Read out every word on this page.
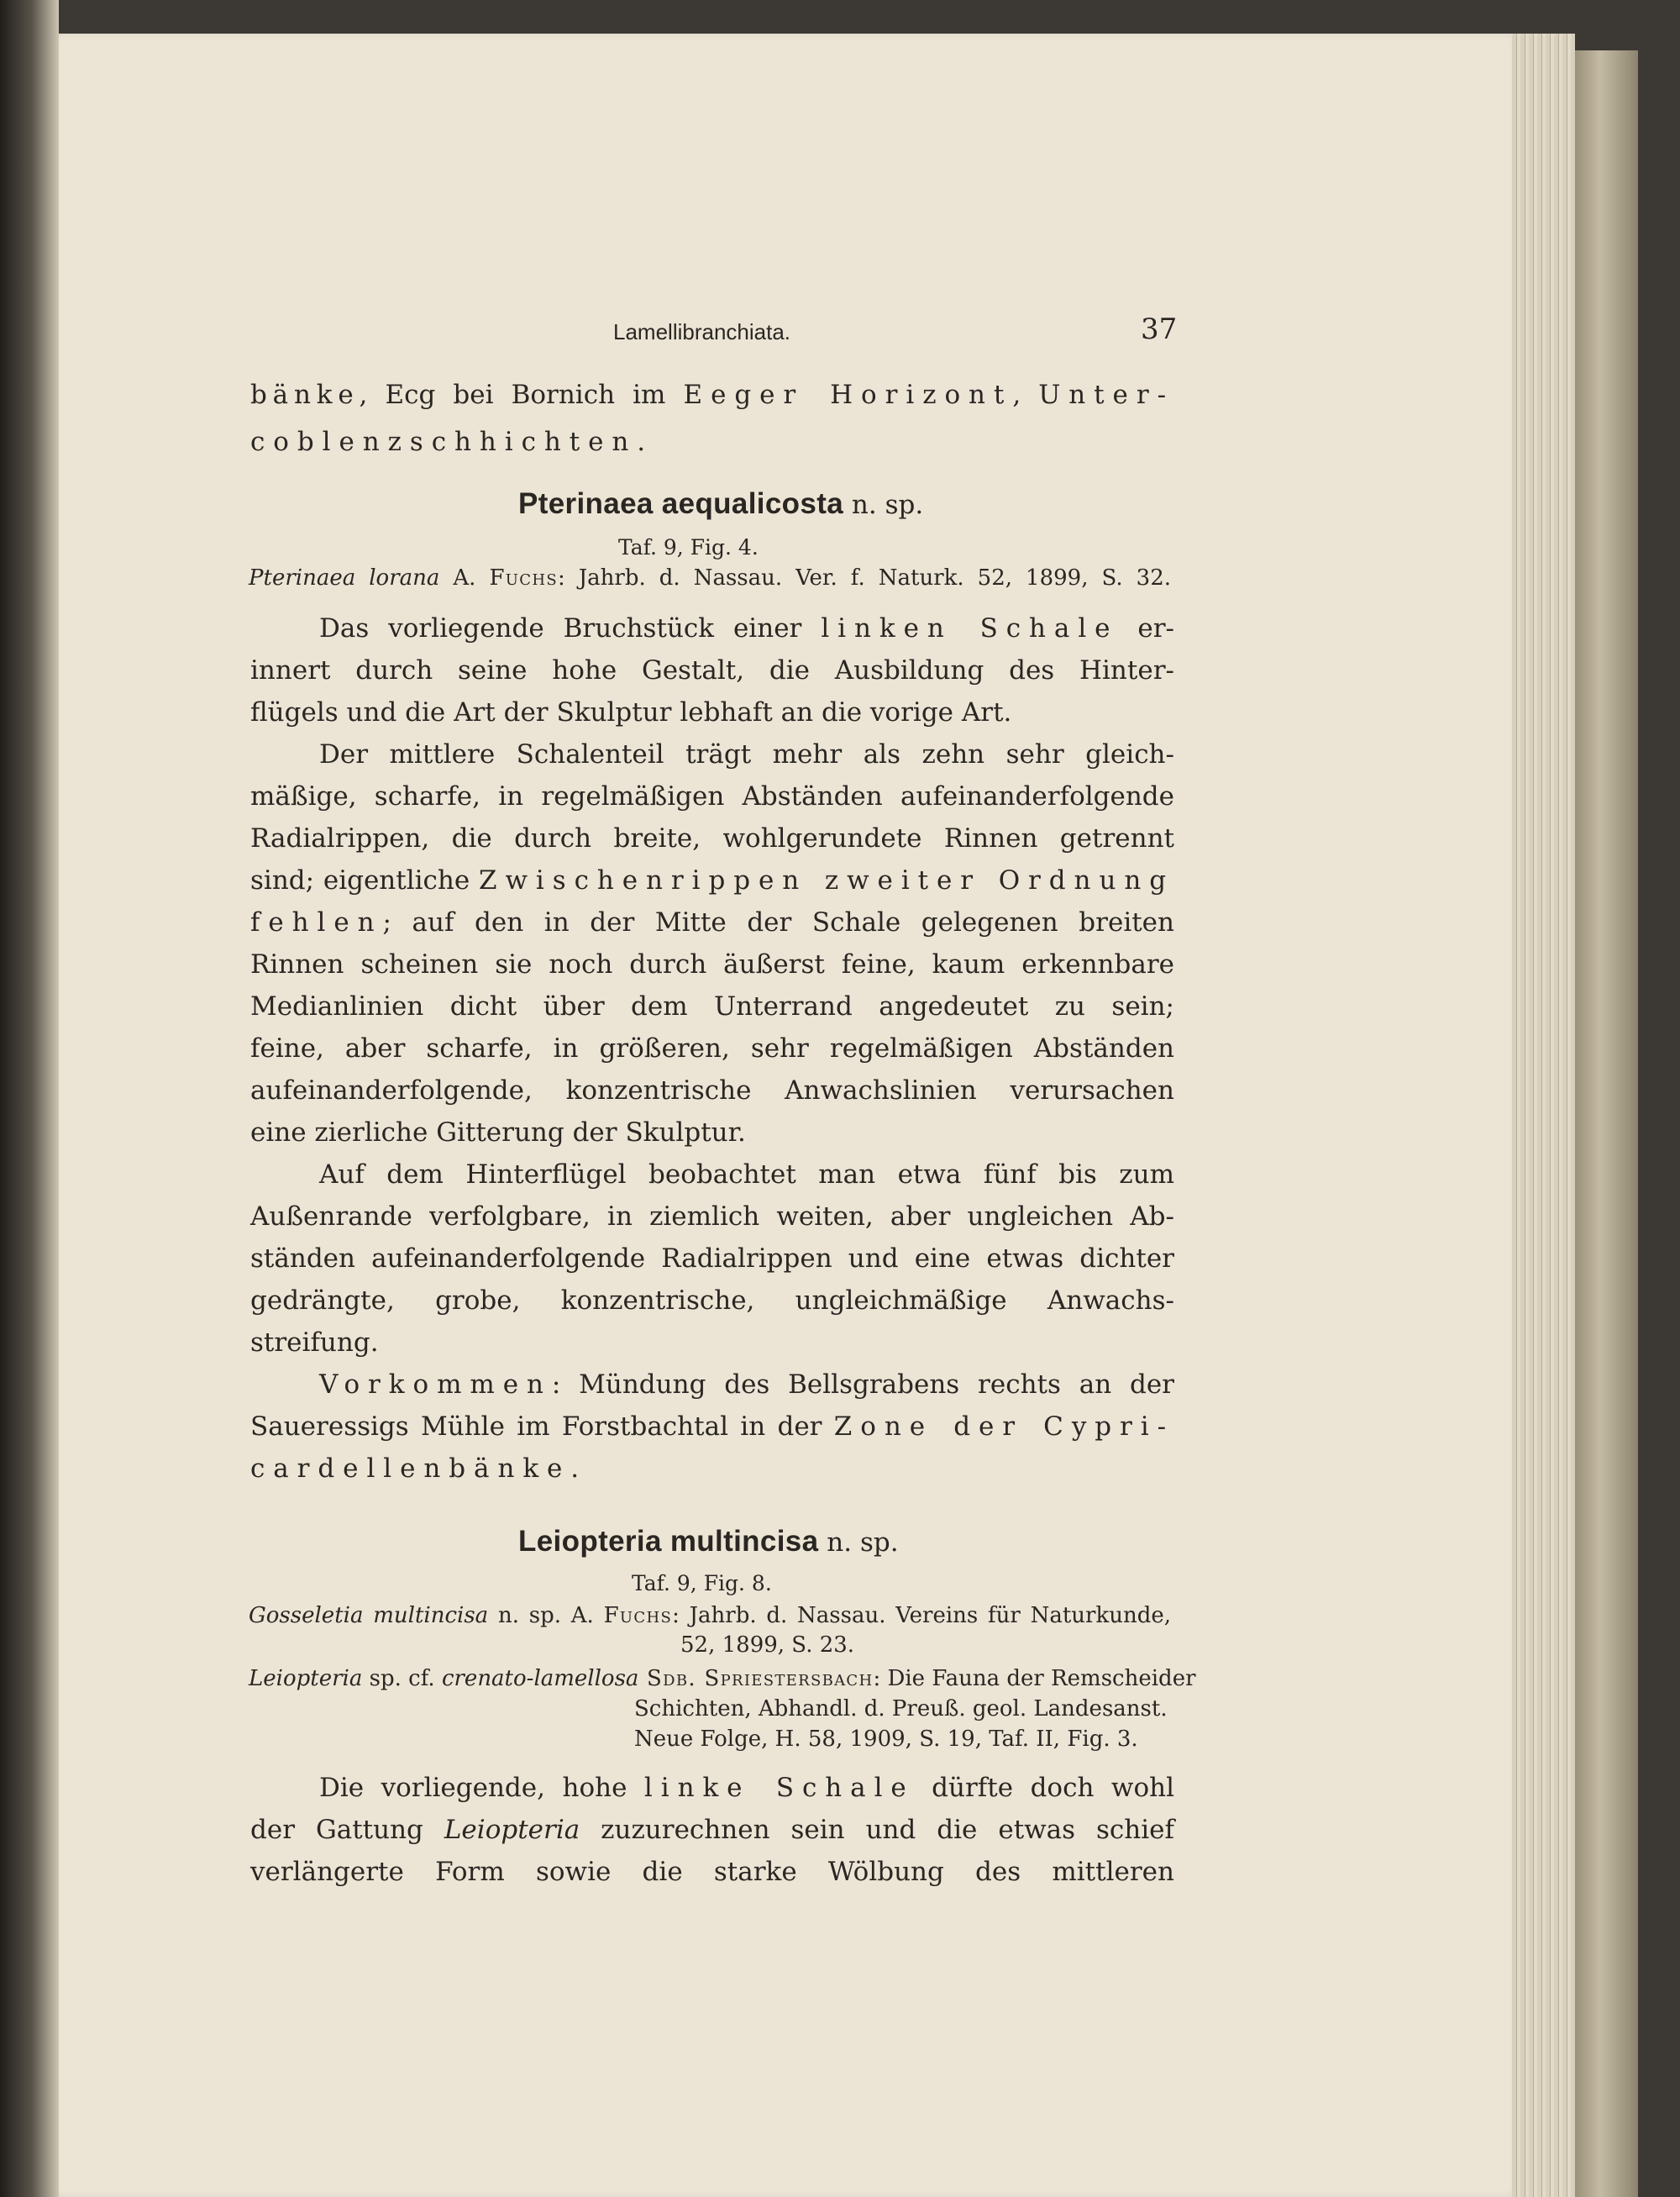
Lamellibranchiata.	37
bänke, Ecg bei Bornich im Eeger Horizont, Unter-
coblenzschhichten.
Pterinaea aequalicosta n. sp.
Taf. 9, Fig. 4.
Pterinaea lorana A. Fuchs: Jahrb. d. Nassau. Ver. f. Naturk. 52, 1899, S. 32.
Das vorliegende Bruchstück einer linken Schale er-
innert durch seine hohe Gestalt, die Ausbildung des Hinter-
flügels und die Art der Skulptur lebhaft an die vorige Art.
Der mittlere Schalenteil trägt mehr als zehn sehr gleich-
mäßige, scharfe, in regelmäßigen Abständen aufeinanderfolgende
Radialrippen, die durch breite, wohlgerundete Rinnen getrennt
sind; eigentliche Zwischenrippen zweiter Ordnung
fehlen; auf den in der Mitte der Schale gelegenen breiten
Rinnen scheinen sie noch durch äußerst feine, kaum erkennbare
Medianlinien dicht über dem Unterrand angedeutet zu sein;
feine, aber scharfe, in größeren, sehr regelmäßigen Abständen
aufeinanderfolgende, konzentrische Anwachslinien verursachen
eine zierliche Gitterung der Skulptur.
Auf dem Hinterflügel beobachtet man etwa fünf bis zum
Außenrande verfolgbare, in ziemlich weiten, aber ungleichen Ab-
ständen aufeinanderfolgende Radialrippen und eine etwas dichter
gedrängte, grobe, konzentrische, ungleichmäßige Anwachs-
streifung.
Vorkommen: Mündung des Bellsgrabens rechts an der
Saueressigs Mühle im Forstbachtal in der Zone der Cypri-
cardellenbänke.
Leiopteria multincisa n. sp.
Taf. 9, Fig. 8.
Gosseletia multincisa n. sp. A. Fuchs: Jahrb. d. Nassau. Vereins für Naturkunde,
52, 1899, S. 23.
Leiopteria sp. cf. crenato-lamellosa Sdb. Spriestersbach: Die Fauna der Remscheider
Schichten, Abhandl. d. Preuß. geol. Landesanst.
Neue Folge, H. 58, 1909, S. 19, Taf. II, Fig. 3.
Die vorliegende, hohe linke Schale dürfte doch wohl
der Gattung Leiopteria zuzurechnen sein und die etwas schief
verlängerte Form sowie die starke Wölbung des mittleren
